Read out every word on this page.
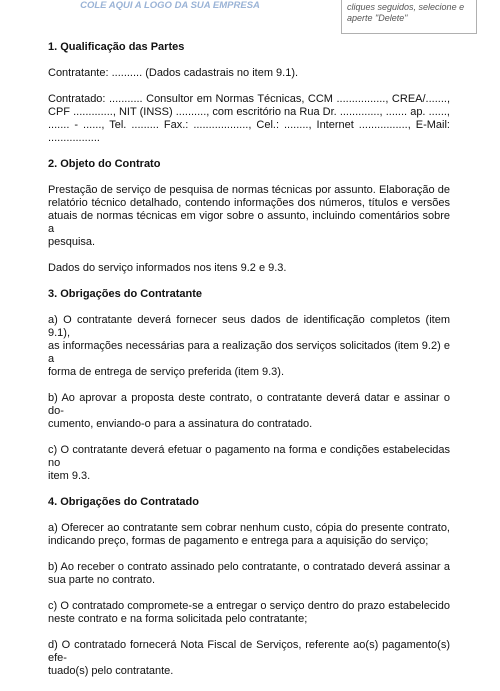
COLE AQUI A LOGO DA SUA EMPRESA	cliques seguidos, selecione e
aperte "Delete"
1. Qualificação das Partes
Contratante: .......... (Dados cadastrais no item 9.1).
Contratado: ........... Consultor em Normas Técnicas, CCM ................, CREA/.......,
CPF ............., NIT (INSS) .........., com escritório na Rua Dr. ............., ....... ap. ......,
....... - ......, Tel. ......... Fax.: .................., Cel.: ........, Internet ................, E-Mail:
.................
2. Objeto do Contrato
Prestação de serviço de pesquisa de normas técnicas por assunto. Elaboração de
relatório técnico detalhado, contendo informações dos números, títulos e versões
atuais de normas técnicas em vigor sobre o assunto, incluindo comentários sobre a
pesquisa.
Dados do serviço informados nos itens 9.2 e 9.3.
3. Obrigações do Contratante
a) O contratante deverá fornecer seus dados de identificação completos (item 9.1),
as informações necessárias para a realização dos serviços solicitados (item 9.2) e a
forma de entrega de serviço preferida (item 9.3).
b) Ao aprovar a proposta deste contrato, o contratante deverá datar e assinar o do-
cumento, enviando-o para a assinatura do contratado.
c) O contratante deverá efetuar o pagamento na forma e condições estabelecidas no
item 9.3.
4. Obrigações do Contratado
a) Oferecer ao contratante sem cobrar nenhum custo, cópia do presente contrato,
indicando preço, formas de pagamento e entrega para a aquisição do serviço;
b) Ao receber o contrato assinado pelo contratante, o contratado deverá assinar a
sua parte no contrato.
c) O contratado compromete-se a entregar o serviço dentro do prazo estabelecido
neste contrato e na forma solicitada pelo contratante;
d) O contratado fornecerá Nota Fiscal de Serviços, referente ao(s) pagamento(s) efe-
tuado(s) pelo contratante.
